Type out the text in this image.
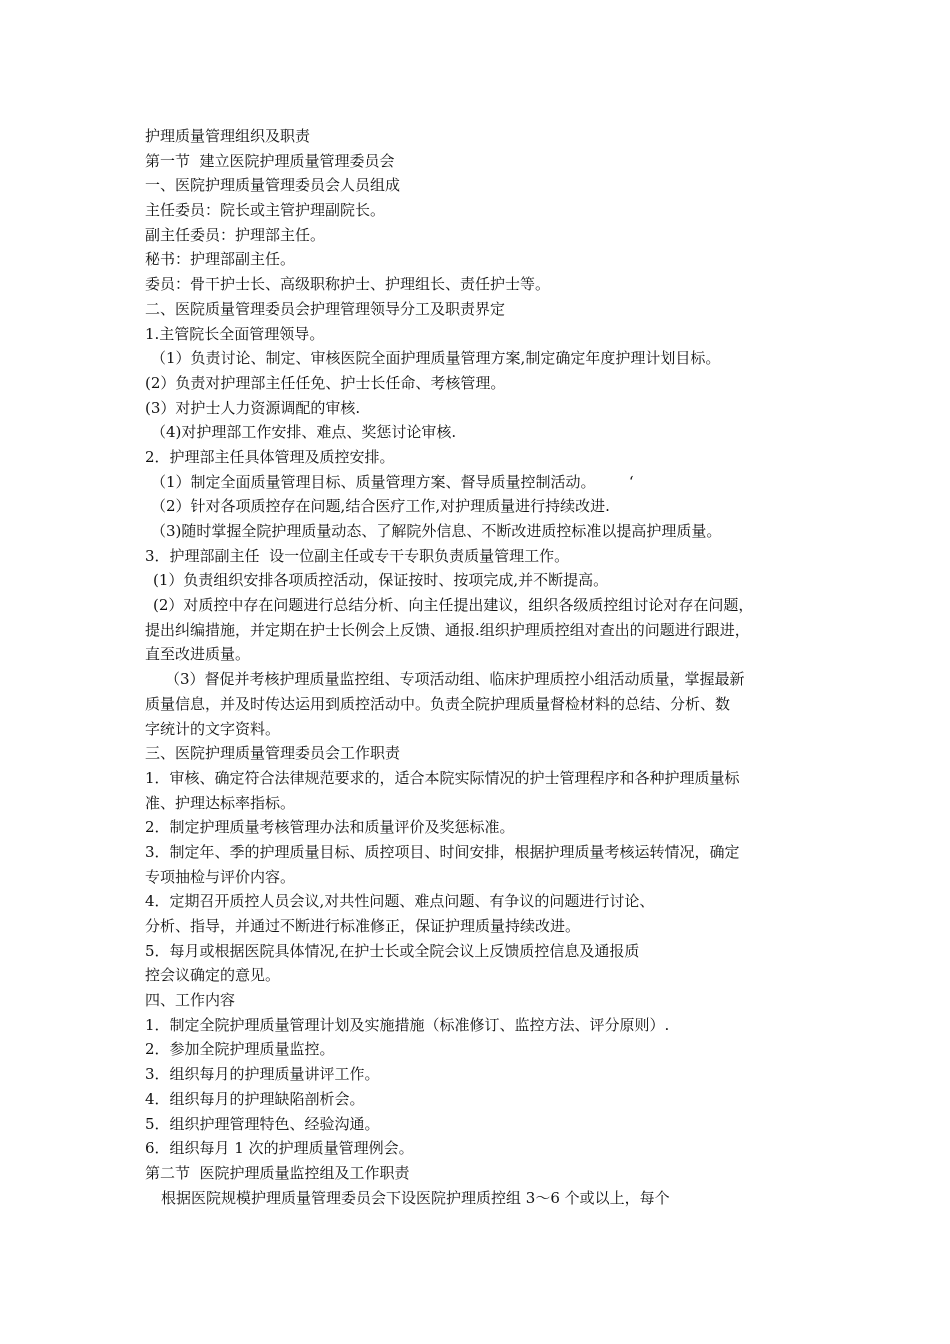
护理质量管理组织及职责
第一节  建立医院护理质量管理委员会
一、医院护理质量管理委员会人员组成
主任委员：院长或主管护理副院长。
副主任委员：护理部主任。
秘书：护理部副主任。
委员：骨干护士长、高级职称护士、护理组长、责任护士等。
二、医院质量管理委员会护理管理领导分工及职责界定
1.主管院长全面管理领导。
（1）负责讨论、制定、审核医院全面护理质量管理方案,制定确定年度护理计划目标。
(2）负责对护理部主任任免、护士长任命、考核管理。
(3）对护士人力资源调配的审核.
（4)对护理部工作安排、难点、奖惩讨论审核.
2．护理部主任具体管理及质控安排。
（1）制定全面质量管理目标、质量管理方案、督导质量控制活动。       ‘
（2）针对各项质控存在问题,结合医疗工作,对护理质量进行持续改进.
（3)随时掌握全院护理质量动态、了解院外信息、不断改进质控标准以提高护理质量。
3．护理部副主任  设一位副主任或专干专职负责质量管理工作。
(1）负责组织安排各项质控活动，保证按时、按项完成,并不断提高。
(2）对质控中存在问题进行总结分析、向主任提出建议，组织各级质控组讨论对存在问题，
提出纠编措施，并定期在护士长例会上反馈、通报.组织护理质控组对查出的问题进行跟进，
直至改进质量。
（3）督促并考核护理质量监控组、专项活动组、临床护理质控小组活动质量，掌握最新
质量信息，并及时传达运用到质控活动中。负责全院护理质量督检材料的总结、分析、数
字统计的文字资料。
三、医院护理质量管理委员会工作职责
1．审核、确定符合法律规范要求的，适合本院实际情况的护士管理程序和各种护理质量标
准、护理达标率指标。
2．制定护理质量考核管理办法和质量评价及奖惩标准。
3．制定年、季的护理质量目标、质控项目、时间安排，根据护理质量考核运转情况，确定
专项抽检与评价内容。
4．定期召开质控人员会议,对共性问题、难点问题、有争议的问题进行讨论、
分析、指导，并通过不断进行标准修正，保证护理质量持续改进。
5．每月或根据医院具体情况,在护士长或全院会议上反馈质控信息及通报质
控会议确定的意见。
四、工作内容
1．制定全院护理质量管理计划及实施措施（标准修订、监控方法、评分原则）.
2．参加全院护理质量监控。
3．组织每月的护理质量讲评工作。
4．组织每月的护理缺陷剖析会。
5．组织护理管理特色、经验沟通。
6．组织每月 1 次的护理质量管理例会。
第二节  医院护理质量监控组及工作职责
根据医院规模护理质量管理委员会下设医院护理质控组 3～6 个或以上，每个
